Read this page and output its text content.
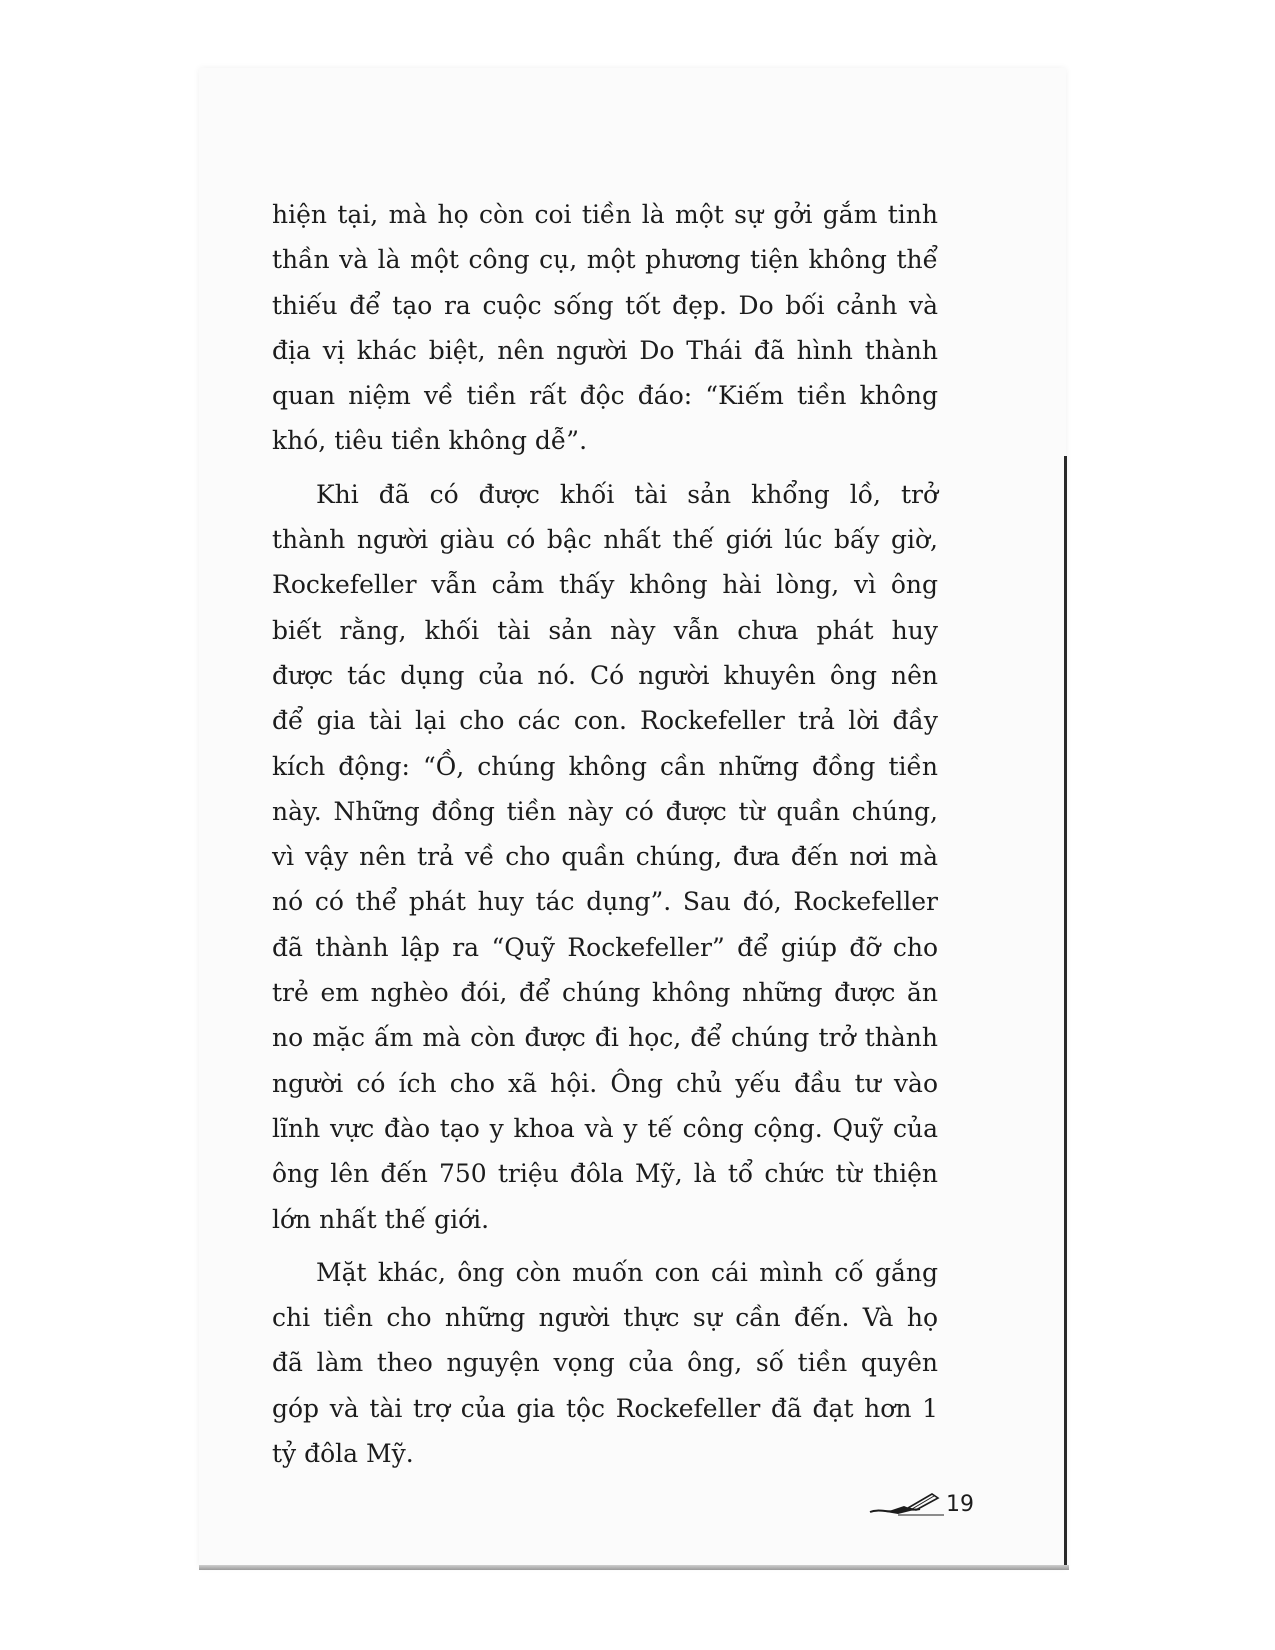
hiện tại, mà họ còn coi tiền là một sự gởi gắm tinh
thần và là một công cụ, một phương tiện không thể
thiếu để tạo ra cuộc sống tốt đẹp. Do bối cảnh và
địa vị khác biệt, nên người Do Thái đã hình thành
quan niệm về tiền rất độc đáo: “Kiếm tiền không
khó, tiêu tiền không dễ”.

Khi đã có được khối tài sản khổng lồ, trở
thành người giàu có bậc nhất thế giới lúc bấy giờ,
Rockefeller vẫn cảm thấy không hài lòng, vì ông
biết rằng, khối tài sản này vẫn chưa phát huy
được tác dụng của nó. Có người khuyên ông nên
để gia tài lại cho các con. Rockefeller trả lời đầy
kích động: “Ồ, chúng không cần những đồng tiền
này. Những đồng tiền này có được từ quần chúng,
vì vậy nên trả về cho quần chúng, đưa đến nơi mà
nó có thể phát huy tác dụng”. Sau đó, Rockefeller
đã thành lập ra “Quỹ Rockefeller” để giúp đỡ cho
trẻ em nghèo đói, để chúng không những được ăn
no mặc ấm mà còn được đi học, để chúng trở thành
người có ích cho xã hội. Ông chủ yếu đầu tư vào
lĩnh vực đào tạo y khoa và y tế công cộng. Quỹ của
ông lên đến 750 triệu đôla Mỹ, là tổ chức từ thiện
lớn nhất thế giới.

Mặt khác, ông còn muốn con cái mình cố gắng
chi tiền cho những người thực sự cần đến. Và họ
đã làm theo nguyện vọng của ông, số tiền quyên
góp và tài trợ của gia tộc Rockefeller đã đạt hơn 1
tỷ đôla Mỹ.

19
